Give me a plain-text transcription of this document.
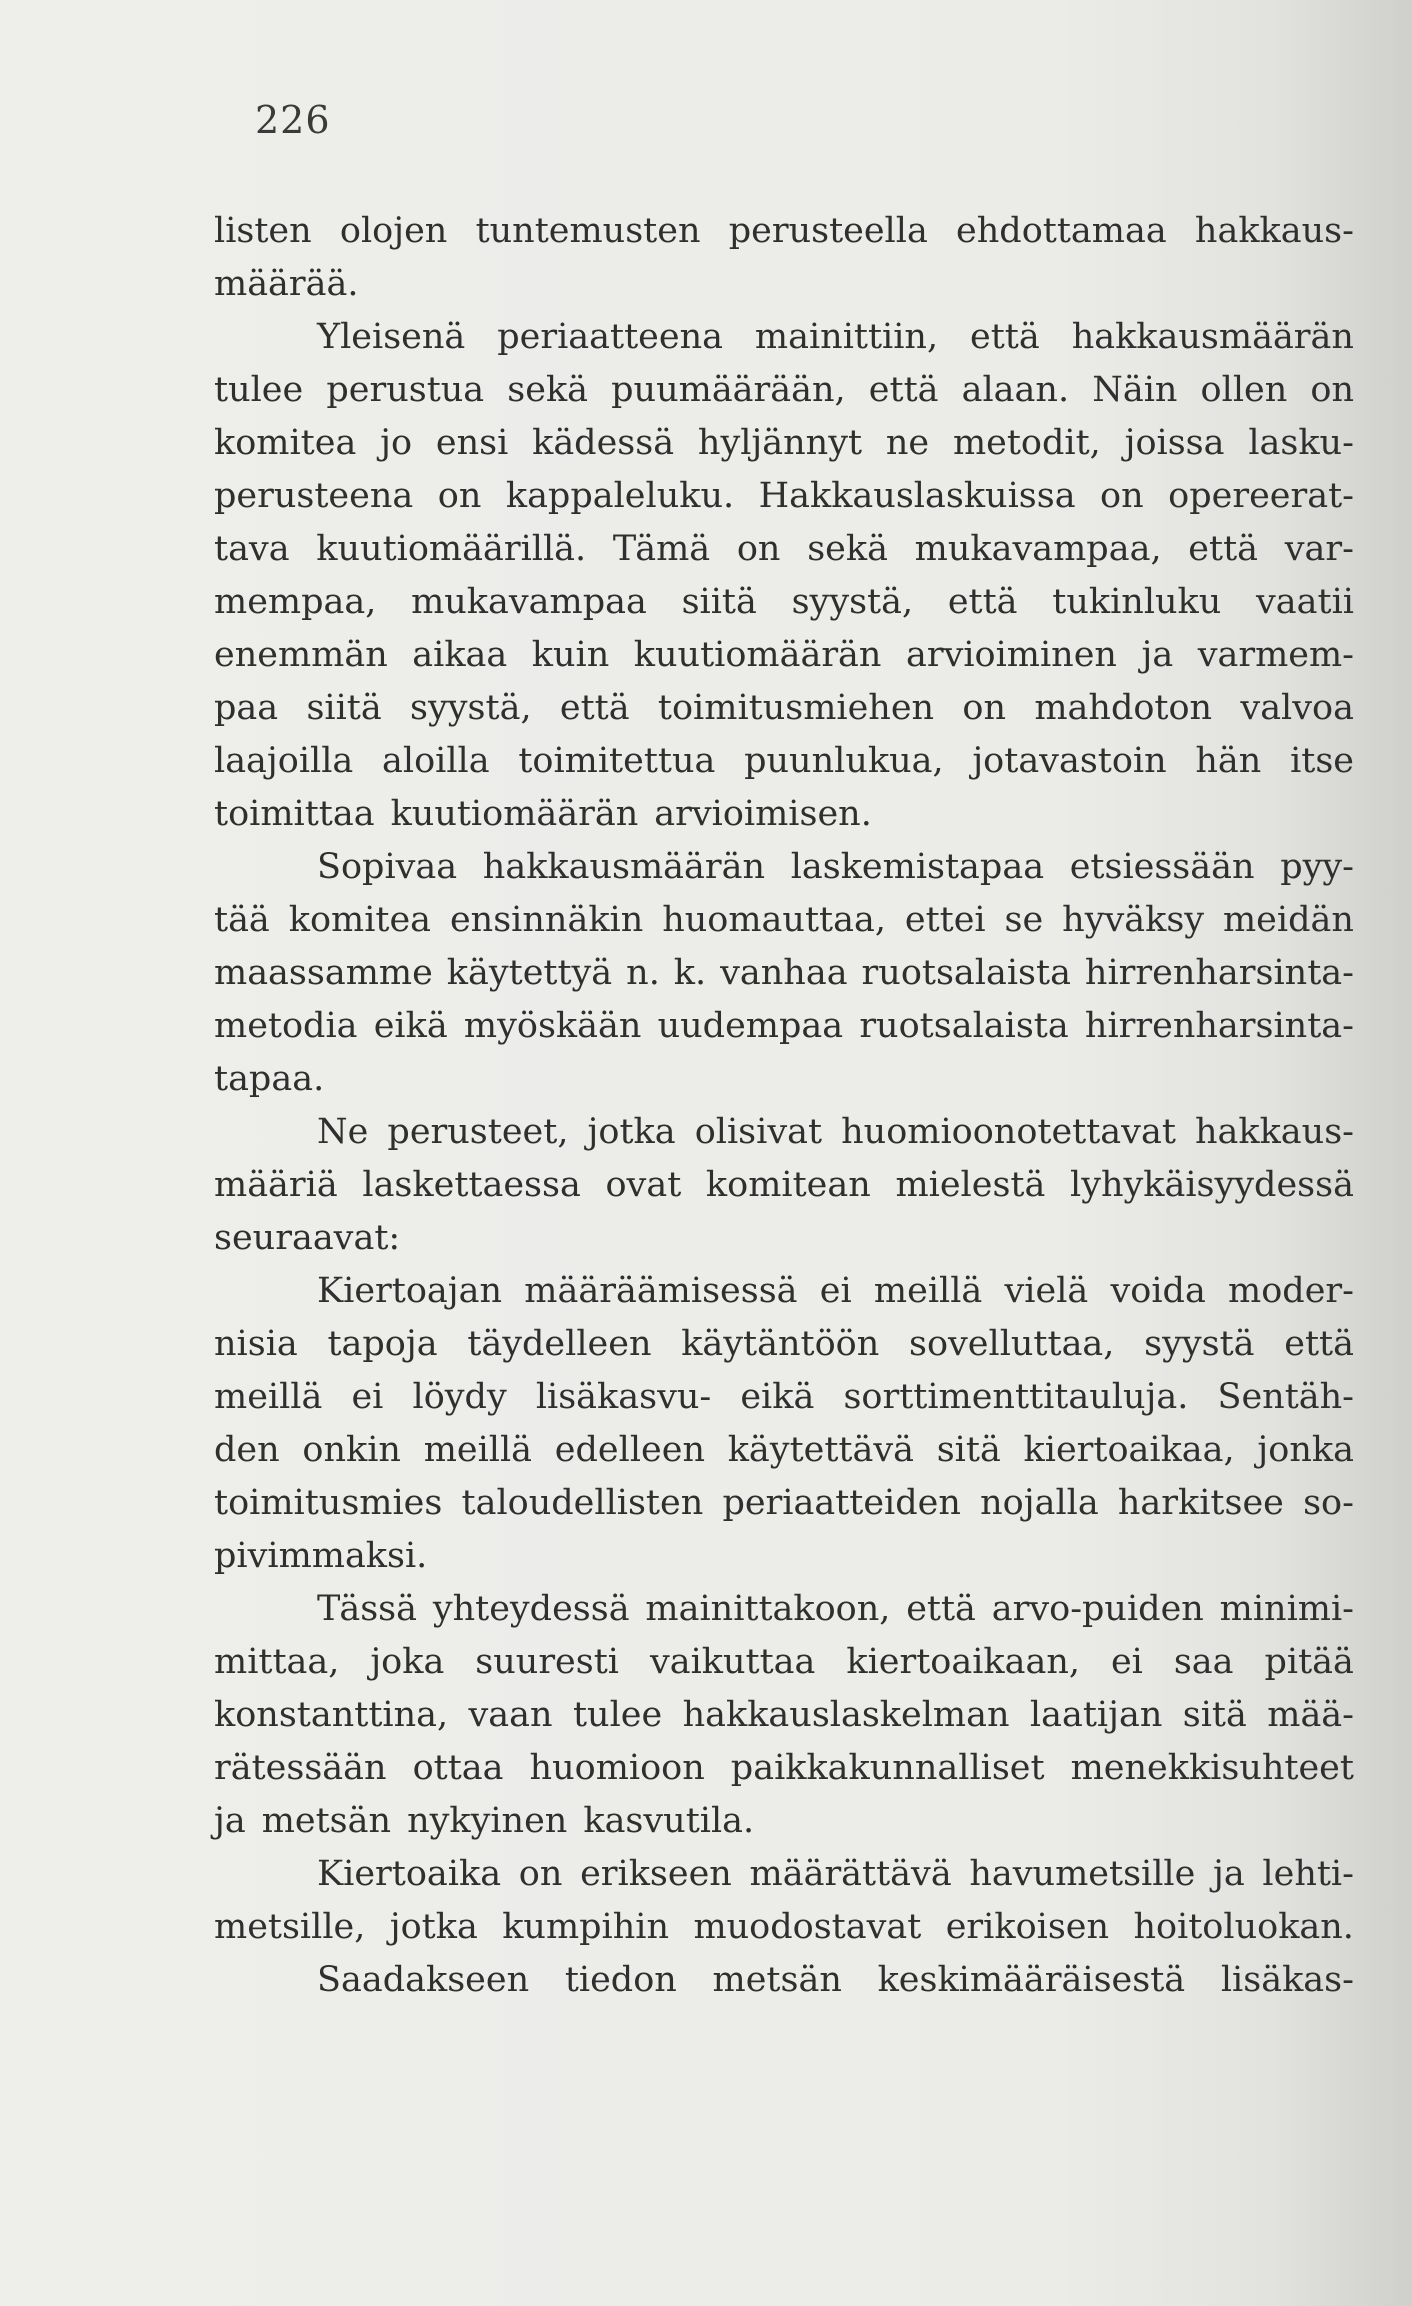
226
listen olojen tuntemusten perusteella ehdottamaa hakkaus-
määrää.
Yleisenä periaatteena mainittiin, että hakkausmäärän
tulee perustua sekä puumäärään, että alaan. Näin ollen on
komitea jo ensi kädessä hyljännyt ne metodit, joissa lasku-
perusteena on kappaleluku. Hakkauslaskuissa on opereerat-
tava kuutiomäärillä. Tämä on sekä mukavampaa, että var-
mempaa, mukavampaa siitä syystä, että tukinluku vaatii
enemmän aikaa kuin kuutiomäärän arvioiminen ja varmem-
paa siitä syystä, että toimitusmiehen on mahdoton valvoa
laajoilla aloilla toimitettua puunlukua, jotavastoin hän itse
toimittaa kuutiomäärän arvioimisen.
Sopivaa hakkausmäärän laskemistapaa etsiessään pyy-
tää komitea ensinnäkin huomauttaa, ettei se hyväksy meidän
maassamme käytettyä n. k. vanhaa ruotsalaista hirrenharsinta-
metodia eikä myöskään uudempaa ruotsalaista hirrenharsinta-
tapaa.
Ne perusteet, jotka olisivat huomioonotettavat hakkaus-
määriä laskettaessa ovat komitean mielestä lyhykäisyydessä
seuraavat:
Kiertoajan määräämisessä ei meillä vielä voida moder-
nisia tapoja täydelleen käytäntöön sovelluttaa, syystä että
meillä ei löydy lisäkasvu- eikä sorttimenttitauluja. Sentäh-
den onkin meillä edelleen käytettävä sitä kiertoaikaa, jonka
toimitusmies taloudellisten periaatteiden nojalla harkitsee so-
pivimmaksi.
Tässä yhteydessä mainittakoon, että arvo-puiden minimi-
mittaa, joka suuresti vaikuttaa kiertoaikaan, ei saa pitää
konstanttina, vaan tulee hakkauslaskelman laatijan sitä mää-
rätessään ottaa huomioon paikkakunnalliset menekkisuhteet
ja metsän nykyinen kasvutila.
Kiertoaika on erikseen määrättävä havumetsille ja lehti-
metsille, jotka kumpihin muodostavat erikoisen hoitoluokan.
Saadakseen tiedon metsän keskimääräisestä lisäkas-
